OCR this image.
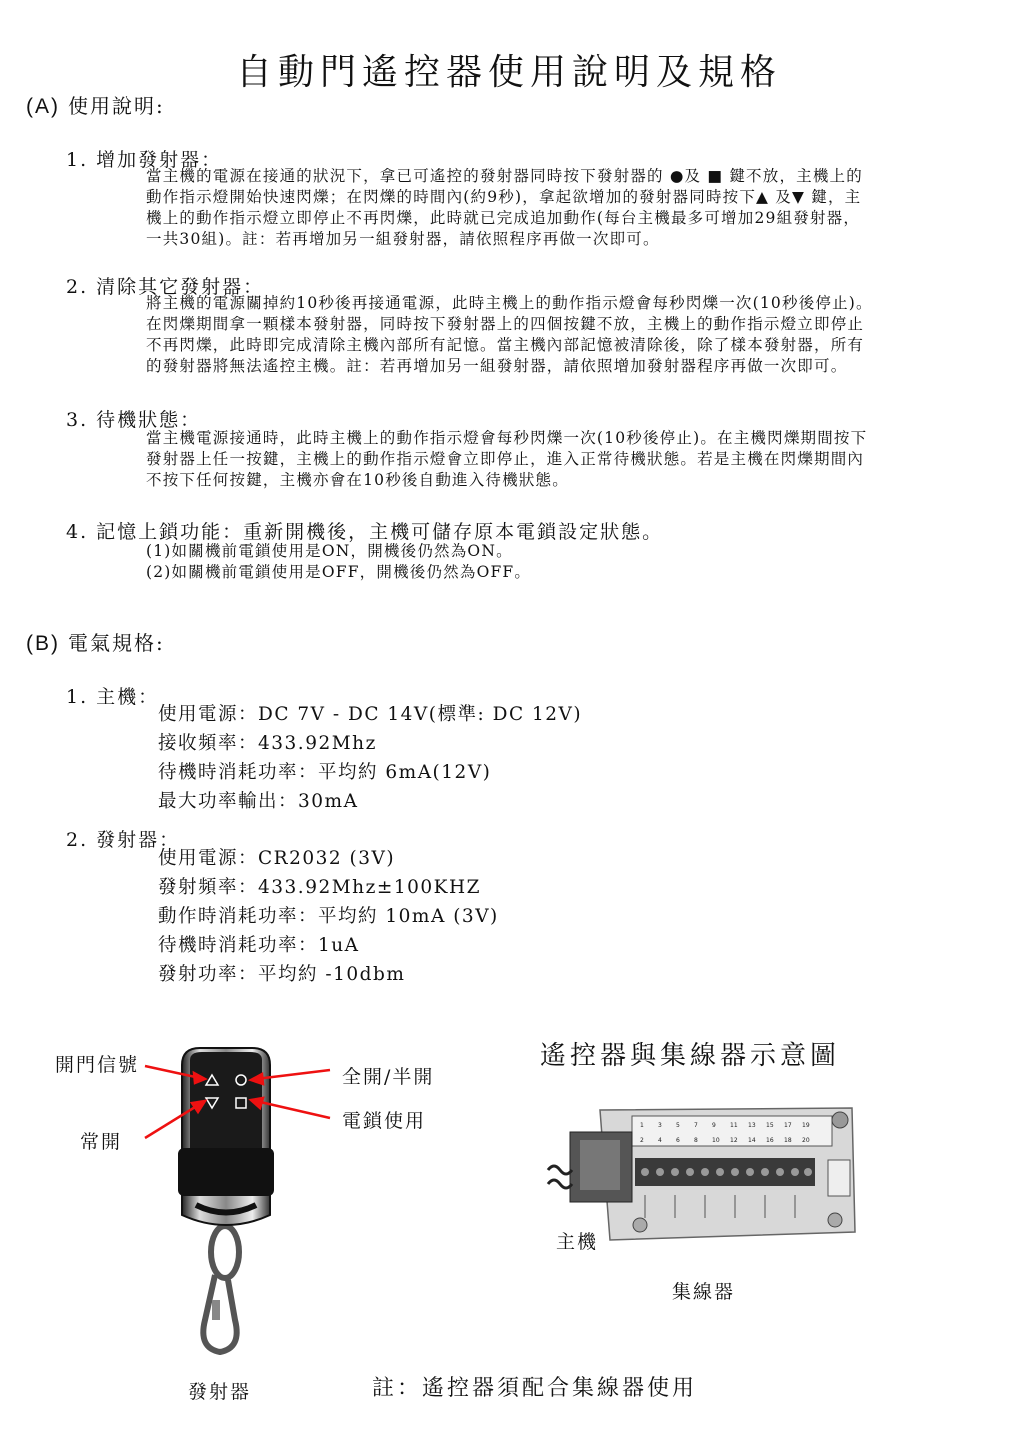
自動門遙控器使用說明及規格
(A) 使用說明:
1. 增加發射器：
當主機的電源在接通的狀況下，拿已可遙控的發射器同時按下發射器的 ●及 ■ 鍵不放，主機上的
動作指示燈開始快速閃爍；在閃爍的時間內(約9秒)，拿起欲增加的發射器同時按下▲ 及▼ 鍵，主
機上的動作指示燈立即停止不再閃爍，此時就已完成追加動作(每台主機最多可增加29組發射器，
一共30組)。註：若再增加另一組發射器，請依照程序再做一次即可。
2. 清除其它發射器：
將主機的電源關掉約10秒後再接通電源，此時主機上的動作指示燈會每秒閃爍一次(10秒後停止)。
在閃爍期間拿一顆樣本發射器，同時按下發射器上的四個按鍵不放，主機上的動作指示燈立即停止
不再閃爍，此時即完成清除主機內部所有記憶。當主機內部記憶被清除後，除了樣本發射器，所有
的發射器將無法遙控主機。註：若再增加另一組發射器，請依照增加發射器程序再做一次即可。
3. 待機狀態：
當主機電源接通時，此時主機上的動作指示燈會每秒閃爍一次(10秒後停止)。在主機閃爍期間按下
發射器上任一按鍵，主機上的動作指示燈會立即停止，進入正常待機狀態。若是主機在閃爍期間內
不按下任何按鍵，主機亦會在10秒後自動進入待機狀態。
4. 記憶上鎖功能：重新開機後，主機可儲存原本電鎖設定狀態。
(1)如關機前電鎖使用是ON，開機後仍然為ON。
(2)如關機前電鎖使用是OFF，開機後仍然為OFF。
(B) 電氣規格:
1. 主機：
使用電源：DC 7V - DC 14V(標準: DC 12V)
接收頻率：433.92Mhz
待機時消耗功率：平均約 6mA(12V)
最大功率輸出：30mA
2. 發射器：
使用電源：CR2032 (3V)
發射頻率：433.92Mhz±100KHZ
動作時消耗功率：平均約 10mA (3V)
待機時消耗功率：1uA
發射功率：平均約 -10dbm
開門信號
常開
全開/半開
電鎖使用
發射器
遙控器與集線器示意圖
1 3 5 7 9 11 13 15 17 19
2 4 6 8 10 12 14 16 18 20
主機
集線器
註：遙控器須配合集線器使用
